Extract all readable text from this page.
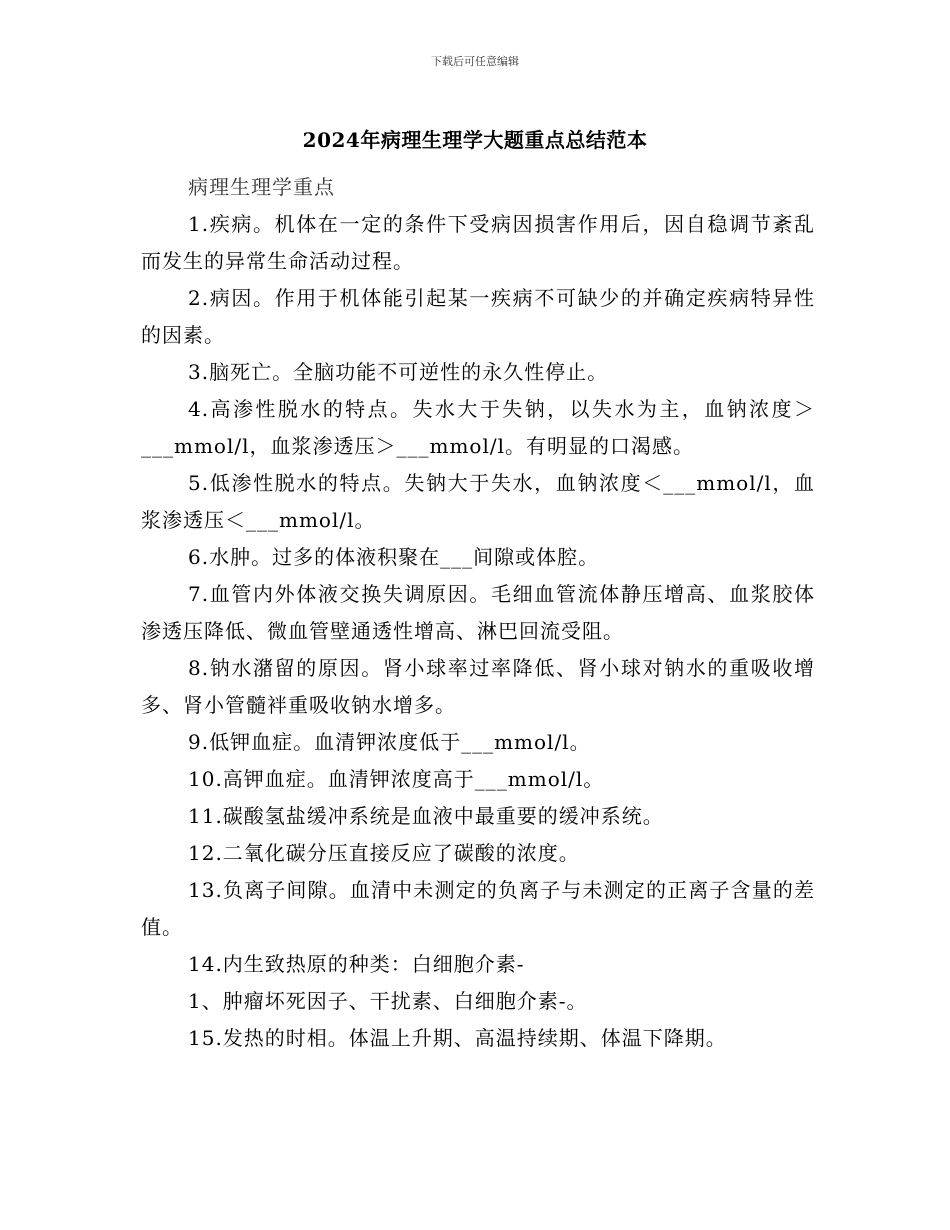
下载后可任意编辑
2024年病理生理学大题重点总结范本

病理生理学重点

1.疾病。机体在一定的条件下受病因损害作用后，因自稳调节紊乱而发生的异常生命活动过程。

2.病因。作用于机体能引起某一疾病不可缺少的并确定疾病特异性的因素。

3.脑死亡。全脑功能不可逆性的永久性停止。

4.高渗性脱水的特点。失水大于失钠，以失水为主，血钠浓度＞___mmol/l，血浆渗透压＞___mmol/l。有明显的口渴感。

5.低渗性脱水的特点。失钠大于失水，血钠浓度＜___mmol/l，血浆渗透压＜___mmol/l。

6.水肿。过多的体液积聚在___间隙或体腔。

7.血管内外体液交换失调原因。毛细血管流体静压增高、血浆胶体渗透压降低、微血管壁通透性增高、淋巴回流受阻。

8.钠水潴留的原因。肾小球率过率降低、肾小球对钠水的重吸收增多、肾小管髓袢重吸收钠水增多。

9.低钾血症。血清钾浓度低于___mmol/l。

10.高钾血症。血清钾浓度高于___mmol/l。

11.碳酸氢盐缓冲系统是血液中最重要的缓冲系统。

12.二氧化碳分压直接反应了碳酸的浓度。

13.负离子间隙。血清中未测定的负离子与未测定的正离子含量的差值。

14.内生致热原的种类：白细胞介素-

1、肿瘤坏死因子、干扰素、白细胞介素-。

15.发热的时相。体温上升期、高温持续期、体温下降期。
